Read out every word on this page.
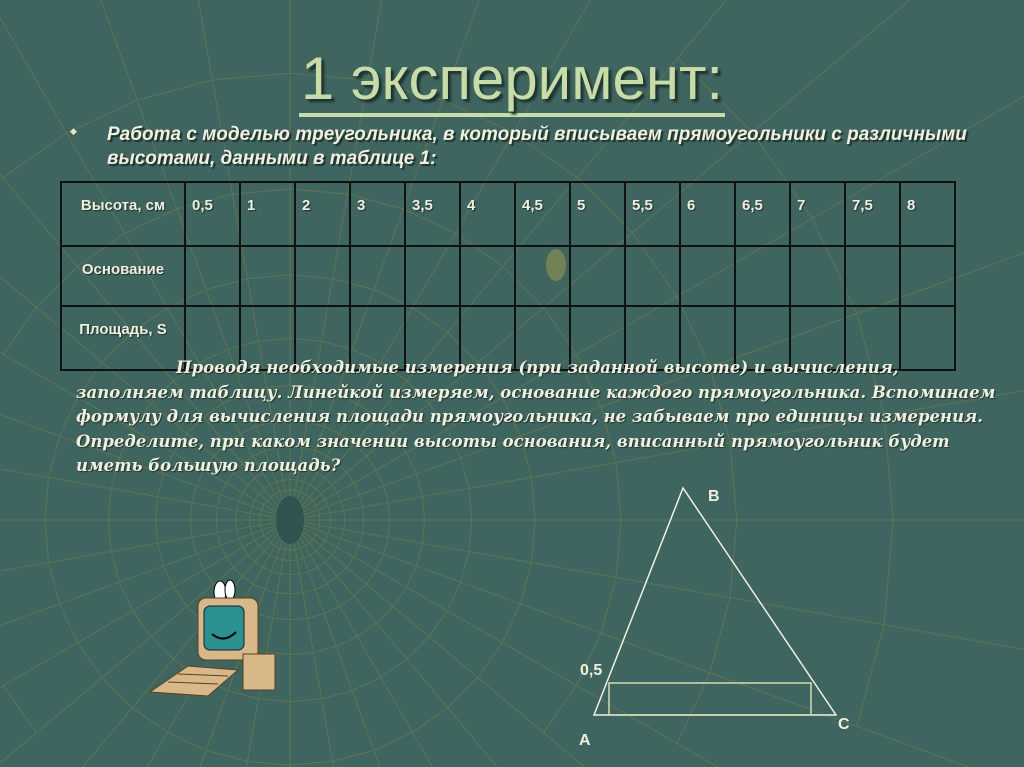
1 эксперимент:
◆ Работа с моделью треугольника, в который вписываем прямоугольники с различными высотами, данными в таблице 1:
Высота, см	0,5	1	2	3	3,5	4	4,5	5	5,5	6	6,5	7	7,5	8
Основание														
Площадь, S														
Проводя необходимые измерения (при заданной высоте) и вычисления, заполняем таблицу. Линейкой измеряем, основание каждого прямоугольника. Вспоминаем формулу для вычисления площади прямоугольника, не забываем про единицы измерения. Определите, при каком значении высоты основания, вписанный прямоугольник будет иметь большую площадь?
B
C
A
0,5
